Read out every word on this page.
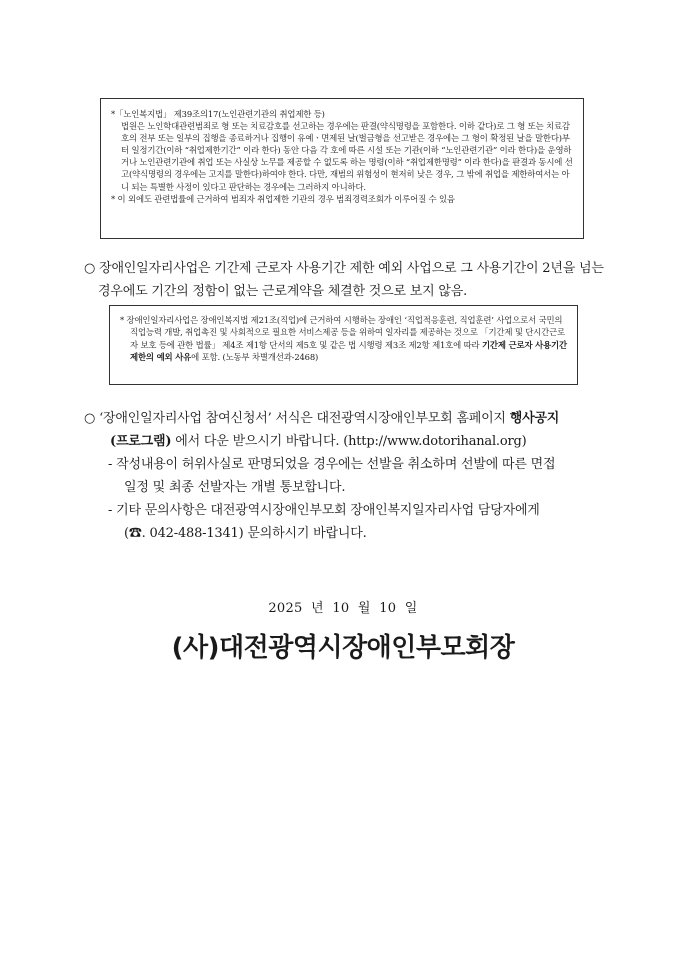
*「노인복지법」 제39조의17(노인관련기관의 취업제한 등)

법원은 노인학대관련범죄로 형 또는 치료감호를 선고하는 경우에는 판결(약식명령을 포함한다. 이하 같다)로 그 형 또는 치료감호의 전부 또는 일부의 집행을 종료하거나 집행이 유예ㆍ면제된 날(벌금형을 선고받은 경우에는 그 형이 확정된 날을 말한다)부터 일정기간(이하 “취업제한기간” 이라 한다) 동안 다음 각 호에 따른 시설 또는 기관(이하 “노인관련기관” 이라 한다)을 운영하거나 노인관련기관에 취업 또는 사실상 노무를 제공할 수 없도록 하는 명령(이하 “취업제한명령” 이라 한다)을 판결과 동시에 선고(약식명령의 경우에는 고지를 말한다)하여야 한다. 다만, 재범의 위험성이 현저히 낮은 경우, 그 밖에 취업을 제한하여서는 아니 되는 특별한 사정이 있다고 판단하는 경우에는 그러하지 아니하다.

* 이 외에도 관련법률에 근거하여 범죄자 취업제한 기관의 경우 범죄경력조회가 이루어질 수 있음

○ 장애인일자리사업은 기간제 근로자 사용기간 제한 예외 사업으로 그 사용기간이 2년을 넘는
경우에도 기간의 정함이 없는 근로계약을 체결한 것으로 보지 않음.

* 장애인일자리사업은 장애인복지법 제21조(직업)에 근거하여 시행하는 장애인 ‘직업적응훈련, 직업훈련’ 사업으로서 국민의 직업능력 개발, 취업촉진 및 사회적으로 필요한 서비스제공 등을 위하여 일자리를 제공하는 것으로 「기간제 및 단시간근로자 보호 등에 관한 법률」 제4조 제1항 단서의 제5호 및 같은 법 시행령 제3조 제2항 제1호에 따라 기간제 근로자 사용기간 제한의 예외 사유에 포함. (노동부 차별개선과-2468)

○ ‘장애인일자리사업 참여신청서’ 서식은 대전광역시장애인부모회 홈페이지 행사공지
(프로그램) 에서 다운 받으시기 바랍니다. (http://www.dotorihanal.org)
- 작성내용이 허위사실로 판명되었을 경우에는 선발을 취소하며 선발에 따른 면접
일정 및 최종 선발자는 개별 통보합니다.
- 기타 문의사항은 대전광역시장애인부모회 장애인복지일자리사업 담당자에게
(☎. 042-488-1341) 문의하시기 바랍니다.
2025 년 10 월 10 일
(사)대전광역시장애인부모회장
